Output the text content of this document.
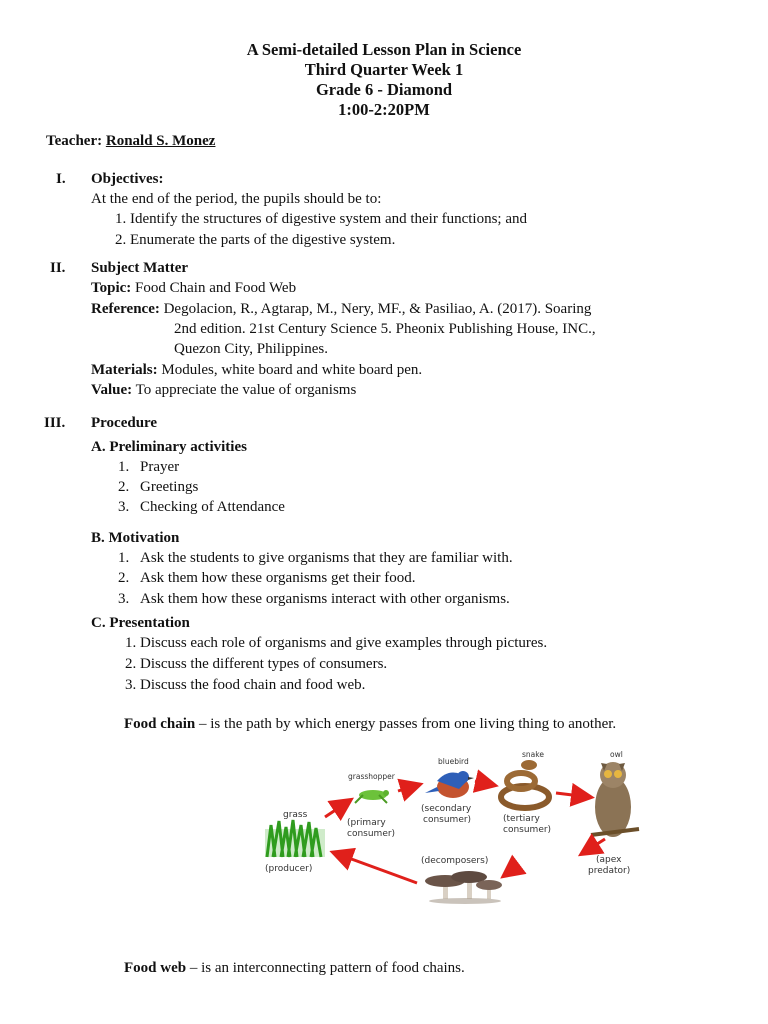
A Semi-detailed Lesson Plan in Science
Third Quarter Week 1
Grade 6 - Diamond
1:00-2:20PM
Teacher: Ronald S. Monez
I. Objectives:
At the end of the period, the pupils should be to:
1. Identify the structures of digestive system and their functions; and
2. Enumerate the parts of the digestive system.
II. Subject Matter
Topic: Food Chain and Food Web
Reference: Degolacion, R., Agtarap, M., Nery, MF., & Pasiliao, A. (2017). Soaring
2nd edition. 21st Century Science 5. Pheonix Publishing House, INC.,
Quezon City, Philippines.
Materials: Modules, white board and white board pen.
Value: To appreciate the value of organisms
III. Procedure
A. Preliminary activities
1. Prayer
2. Greetings
3. Checking of Attendance
B. Motivation
1. Ask the students to give organisms that they are familiar with.
2. Ask them how these organisms get their food.
3. Ask them how these organisms interact with other organisms.
C. Presentation
1. Discuss each role of organisms and give examples through pictures.
2. Discuss the different types of consumers.
3. Discuss the food chain and food web.
Food chain – is the path by which energy passes from one living thing to another.
grass
(producer)
grasshopper
(primary
consumer)
bluebird
(secondary
consumer)
snake
(tertiary
consumer)
owl
(apex
predator)
(decomposers)
Food web – is an interconnecting pattern of food chains.
